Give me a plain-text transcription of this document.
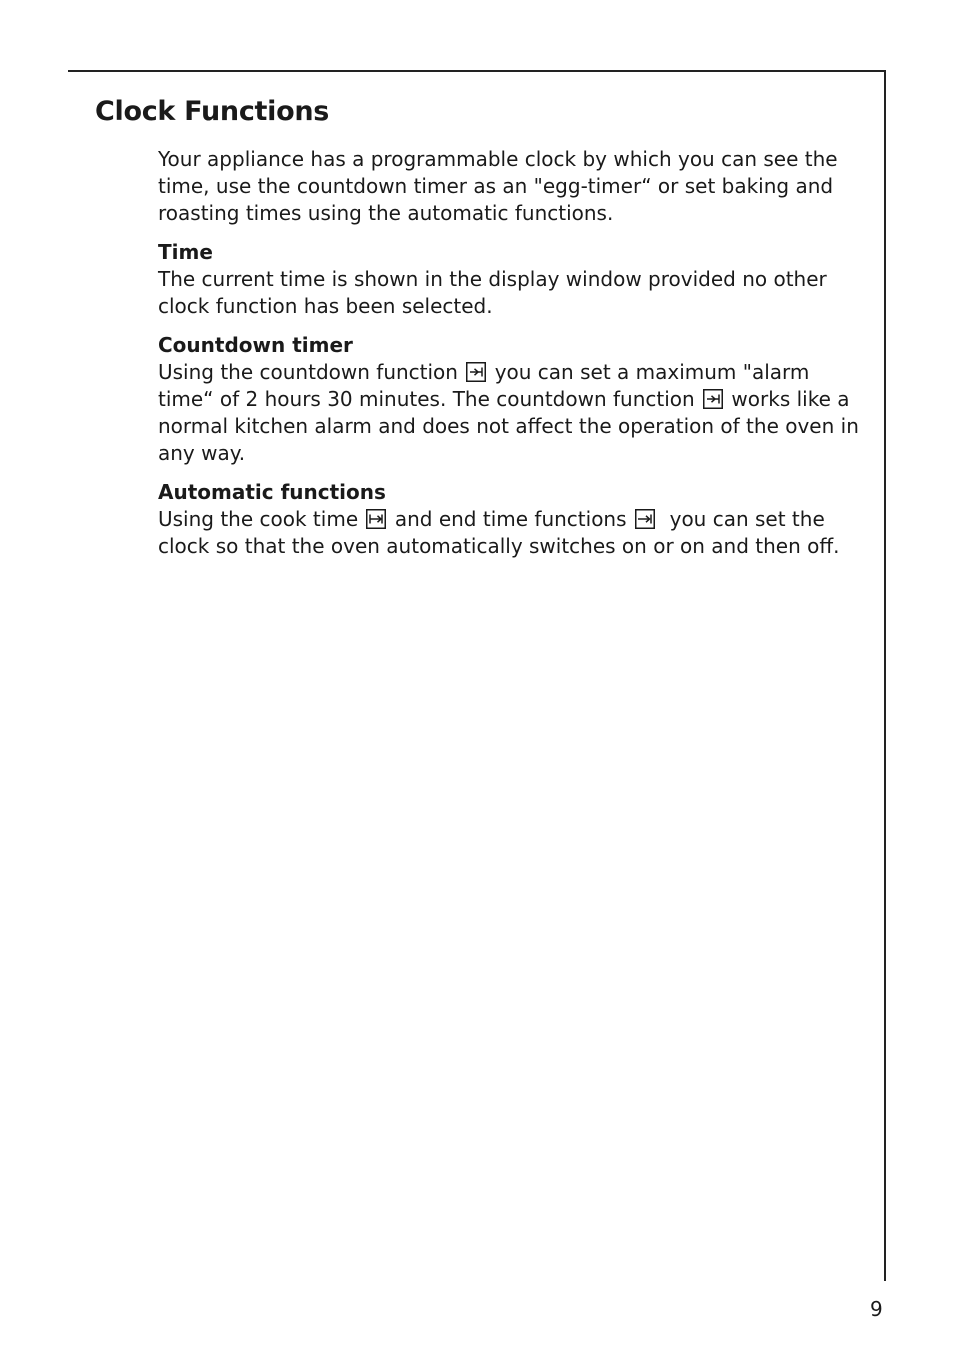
Clock Functions

Your appliance has a programmable clock by which you can see the time, use the countdown timer as an "egg-timer“ or set baking and roasting times using the automatic functions.

Time

The current time is shown in the display window provided no other clock function has been selected.

Countdown timer

Using the countdown function you can set a maximum "alarm time“ of 2 hours 30 minutes. The countdown function works like a normal kitchen alarm and does not affect the operation of the oven in any way.

Automatic functions

Using the cook time and end time functions you can set the clock so that the oven automatically switches on or on and then off.

9
